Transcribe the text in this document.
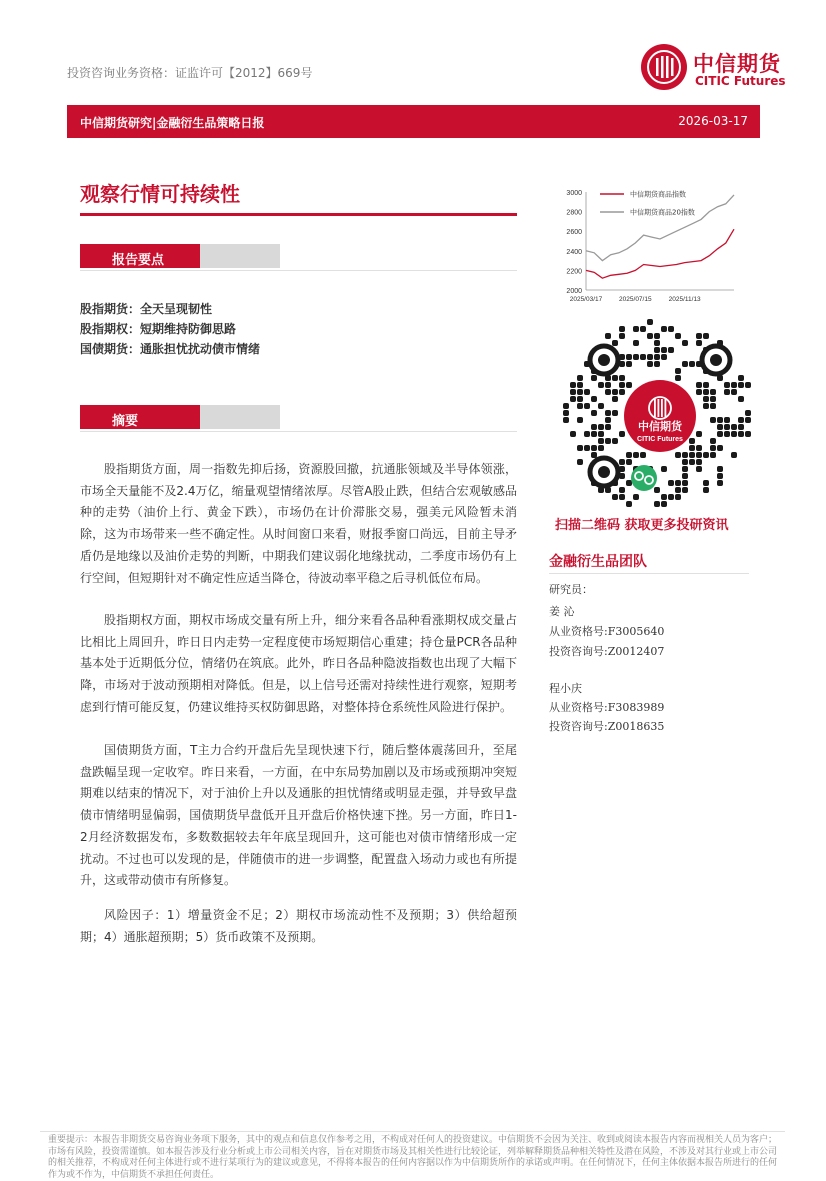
投资咨询业务资格：证监许可【2012】669号	中信期货
CITIC Futures
中信期货研究|金融衍生品策略日报	2026-03-17
观察行情可持续性
报告要点
股指期货：全天呈现韧性
股指期权：短期维持防御思路
国债期货：通胀担忧扰动债市情绪
摘要

股指期货方面，周一指数先抑后扬，资源股回撤，抗通胀领域及半导体领涨，市场全天量能不及2.4万亿，缩量观望情绪浓厚。尽管A股止跌，但结合宏观敏感品种的走势（油价上行、黄金下跌），市场仍在计价滞胀交易，强美元风险暂未消除，这为市场带来一些不确定性。从时间窗口来看，财报季窗口尚远，目前主导矛盾仍是地缘以及油价走势的判断，中期我们建议弱化地缘扰动，二季度市场仍有上行空间，但短期针对不确定性应适当降仓，待波动率平稳之后寻机低位布局。

股指期权方面，期权市场成交量有所上升，细分来看各品种看涨期权成交量占比相比上周回升，昨日日内走势一定程度使市场短期信心重建；持仓量PCR各品种基本处于近期低分位，情绪仍在筑底。此外，昨日各品种隐波指数也出现了大幅下降，市场对于波动预期相对降低。但是，以上信号还需对持续性进行观察，短期考虑到行情可能反复，仍建议维持买权防御思路，对整体持仓系统性风险进行保护。

国债期货方面，T主力合约开盘后先呈现快速下行，随后整体震荡回升，至尾盘跌幅呈现一定收窄。昨日来看，一方面，在中东局势加剧以及市场或预期冲突短期难以结束的情况下，对于油价上升以及通胀的担忧情绪或明显走强，并导致早盘债市情绪明显偏弱，国债期货早盘低开且开盘后价格快速下挫。另一方面，昨日1-2月经济数据发布，多数数据较去年年底呈现回升，这可能也对债市情绪形成一定扰动。不过也可以发现的是，伴随债市的进一步调整，配置盘入场动力或也有所提升，这或带动债市有所修复。

风险因子：1）增量资金不足；2）期权市场流动性不及预期；3）供给超预期；4）通胀超预期；5）货币政策不及预期。

3000
2800
2600
2400
2200
2000
2025/03/17	2025/07/15	2025/11/13
中信期货商品指数
中信期货商品20指数
中信期货
CITIC Futures
扫描二维码 获取更多投研资讯
金融衍生品团队
研究员：
姜 沁
从业资格号:F3005640
投资咨询号:Z0012407
程小庆
从业资格号:F3083989
投资咨询号:Z0018635

重要提示：本报告非期货交易咨询业务项下服务，其中的观点和信息仅作参考之用，不构成对任何人的投资建议。中信期货不会因为关注、收到或阅读本报告内容而视相关人员为客户；市场有风险，投资需谨慎。如本报告涉及行业分析或上市公司相关内容，旨在对期货市场及其相关性进行比较论证，列举解释期货品种相关特性及潜在风险，不涉及对其行业或上市公司的相关推荐，不构成对任何主体进行或不进行某项行为的建议或意见，不得将本报告的任何内容据以作为中信期货所作的承诺或声明。在任何情况下，任何主体依据本报告所进行的任何作为或不作为，中信期货不承担任何责任。
